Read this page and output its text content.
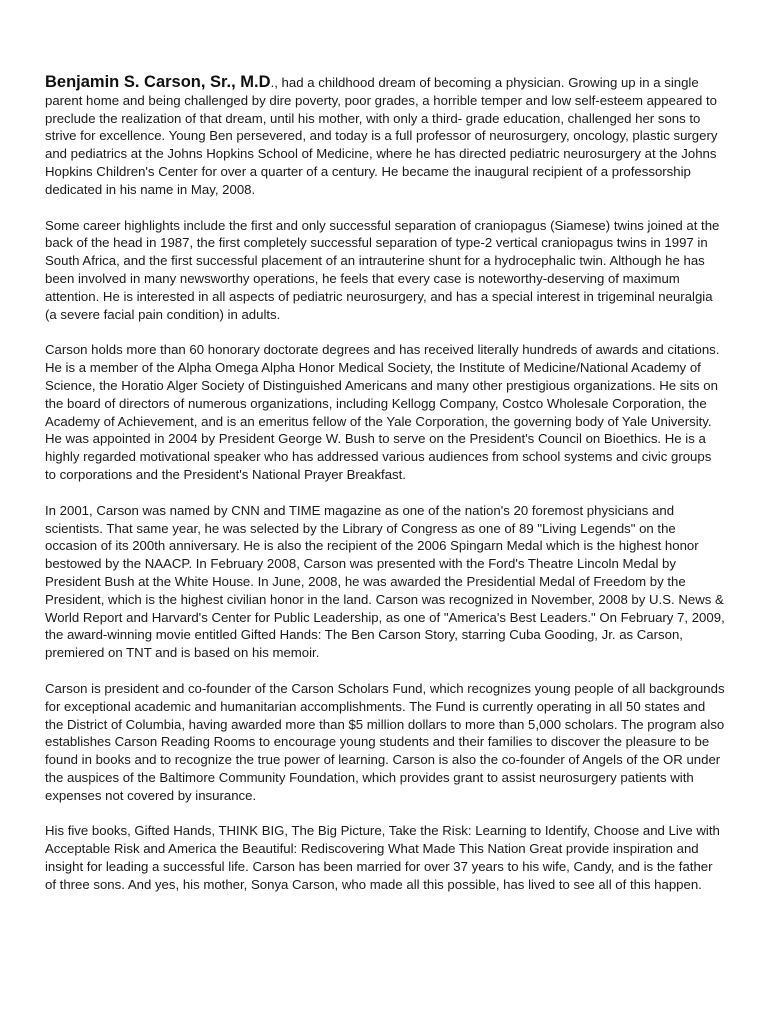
Benjamin S. Carson, Sr., M.D., had a childhood dream of becoming a physician. Growing up in a single parent home and being challenged by dire poverty, poor grades, a horrible temper and low self-esteem appeared to preclude the realization of that dream, until his mother, with only a third- grade education, challenged her sons to strive for excellence. Young Ben persevered, and today is a full professor of neurosurgery, oncology, plastic surgery and pediatrics at the Johns Hopkins School of Medicine, where he has directed pediatric neurosurgery at the Johns Hopkins Children's Center for over a quarter of a century. He became the inaugural recipient of a professorship dedicated in his name in May, 2008.

Some career highlights include the first and only successful separation of craniopagus (Siamese) twins joined at the back of the head in 1987, the first completely successful separation of type-2 vertical craniopagus twins in 1997 in South Africa, and the first successful placement of an intrauterine shunt for a hydrocephalic twin. Although he has been involved in many newsworthy operations, he feels that every case is noteworthy-deserving of maximum attention. He is interested in all aspects of pediatric neurosurgery, and has a special interest in trigeminal neuralgia (a severe facial pain condition) in adults.

Carson holds more than 60 honorary doctorate degrees and has received literally hundreds of awards and citations. He is a member of the Alpha Omega Alpha Honor Medical Society, the Institute of Medicine/National Academy of Science, the Horatio Alger Society of Distinguished Americans and many other prestigious organizations. He sits on the board of directors of numerous organizations, including Kellogg Company, Costco Wholesale Corporation, the Academy of Achievement, and is an emeritus fellow of the Yale Corporation, the governing body of Yale University. He was appointed in 2004 by President George W. Bush to serve on the President's Council on Bioethics. He is a highly regarded motivational speaker who has addressed various audiences from school systems and civic groups to corporations and the President's National Prayer Breakfast.

In 2001, Carson was named by CNN and TIME magazine as one of the nation's 20 foremost physicians and scientists. That same year, he was selected by the Library of Congress as one of 89 "Living Legends" on the occasion of its 200th anniversary. He is also the recipient of the 2006 Spingarn Medal which is the highest honor bestowed by the NAACP. In February 2008, Carson was presented with the Ford's Theatre Lincoln Medal by President Bush at the White House. In June, 2008, he was awarded the Presidential Medal of Freedom by the President, which is the highest civilian honor in the land. Carson was recognized in November, 2008 by U.S. News & World Report and Harvard's Center for Public Leadership, as one of "America's Best Leaders." On February 7, 2009, the award-winning movie entitled Gifted Hands: The Ben Carson Story, starring Cuba Gooding, Jr. as Carson, premiered on TNT and is based on his memoir.

Carson is president and co-founder of the Carson Scholars Fund, which recognizes young people of all backgrounds for exceptional academic and humanitarian accomplishments. The Fund is currently operating in all 50 states and the District of Columbia, having awarded more than $5 million dollars to more than 5,000 scholars. The program also establishes Carson Reading Rooms to encourage young students and their families to discover the pleasure to be found in books and to recognize the true power of learning. Carson is also the co-founder of Angels of the OR under the auspices of the Baltimore Community Foundation, which provides grant to assist neurosurgery patients with expenses not covered by insurance.

His five books, Gifted Hands, THINK BIG, The Big Picture, Take the Risk: Learning to Identify, Choose and Live with Acceptable Risk and America the Beautiful: Rediscovering What Made This Nation Great provide inspiration and insight for leading a successful life. Carson has been married for over 37 years to his wife, Candy, and is the father of three sons. And yes, his mother, Sonya Carson, who made all this possible, has lived to see all of this happen.
